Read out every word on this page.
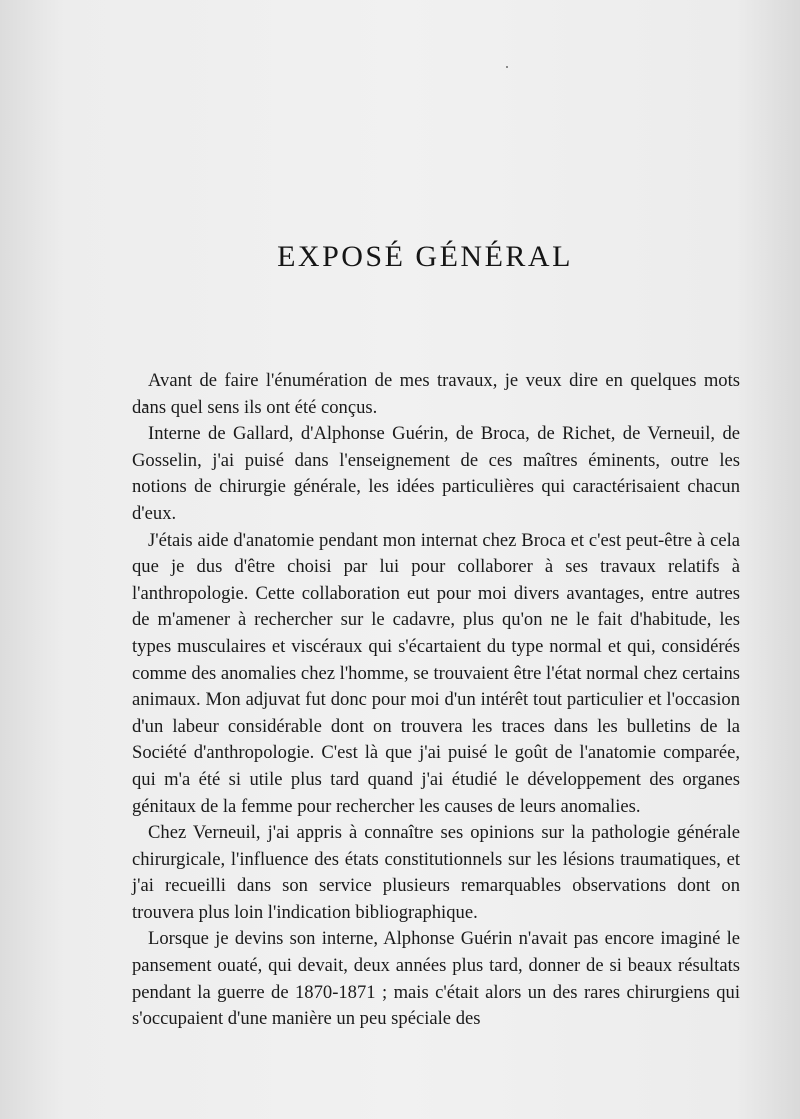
EXPOSÉ GÉNÉRAL

Avant de faire l'énumération de mes travaux, je veux dire en quelques mots dans quel sens ils ont été conçus.

Interne de Gallard, d'Alphonse Guérin, de Broca, de Richet, de Verneuil, de Gosselin, j'ai puisé dans l'enseignement de ces maîtres éminents, outre les notions de chirurgie générale, les idées particulières qui caractérisaient chacun d'eux.

J'étais aide d'anatomie pendant mon internat chez Broca et c'est peut-être à cela que je dus d'être choisi par lui pour collaborer à ses travaux relatifs à l'anthropologie. Cette collaboration eut pour moi divers avantages, entre autres de m'amener à rechercher sur le cadavre, plus qu'on ne le fait d'habitude, les types musculaires et viscéraux qui s'écartaient du type normal et qui, considérés comme des anomalies chez l'homme, se trouvaient être l'état normal chez certains animaux. Mon adjuvat fut donc pour moi d'un intérêt tout particulier et l'occasion d'un labeur considérable dont on trouvera les traces dans les bulletins de la Société d'anthropologie. C'est là que j'ai puisé le goût de l'anatomie comparée, qui m'a été si utile plus tard quand j'ai étudié le développement des organes génitaux de la femme pour rechercher les causes de leurs anomalies.

Chez Verneuil, j'ai appris à connaître ses opinions sur la pathologie générale chirurgicale, l'influence des états constitutionnels sur les lésions traumatiques, et j'ai recueilli dans son service plusieurs remarquables observations dont on trouvera plus loin l'indication bibliographique.

Lorsque je devins son interne, Alphonse Guérin n'avait pas encore imaginé le pansement ouaté, qui devait, deux années plus tard, donner de si beaux résultats pendant la guerre de 1870-1871 ; mais c'était alors un des rares chirurgiens qui s'occupaient d'une manière un peu spéciale des
